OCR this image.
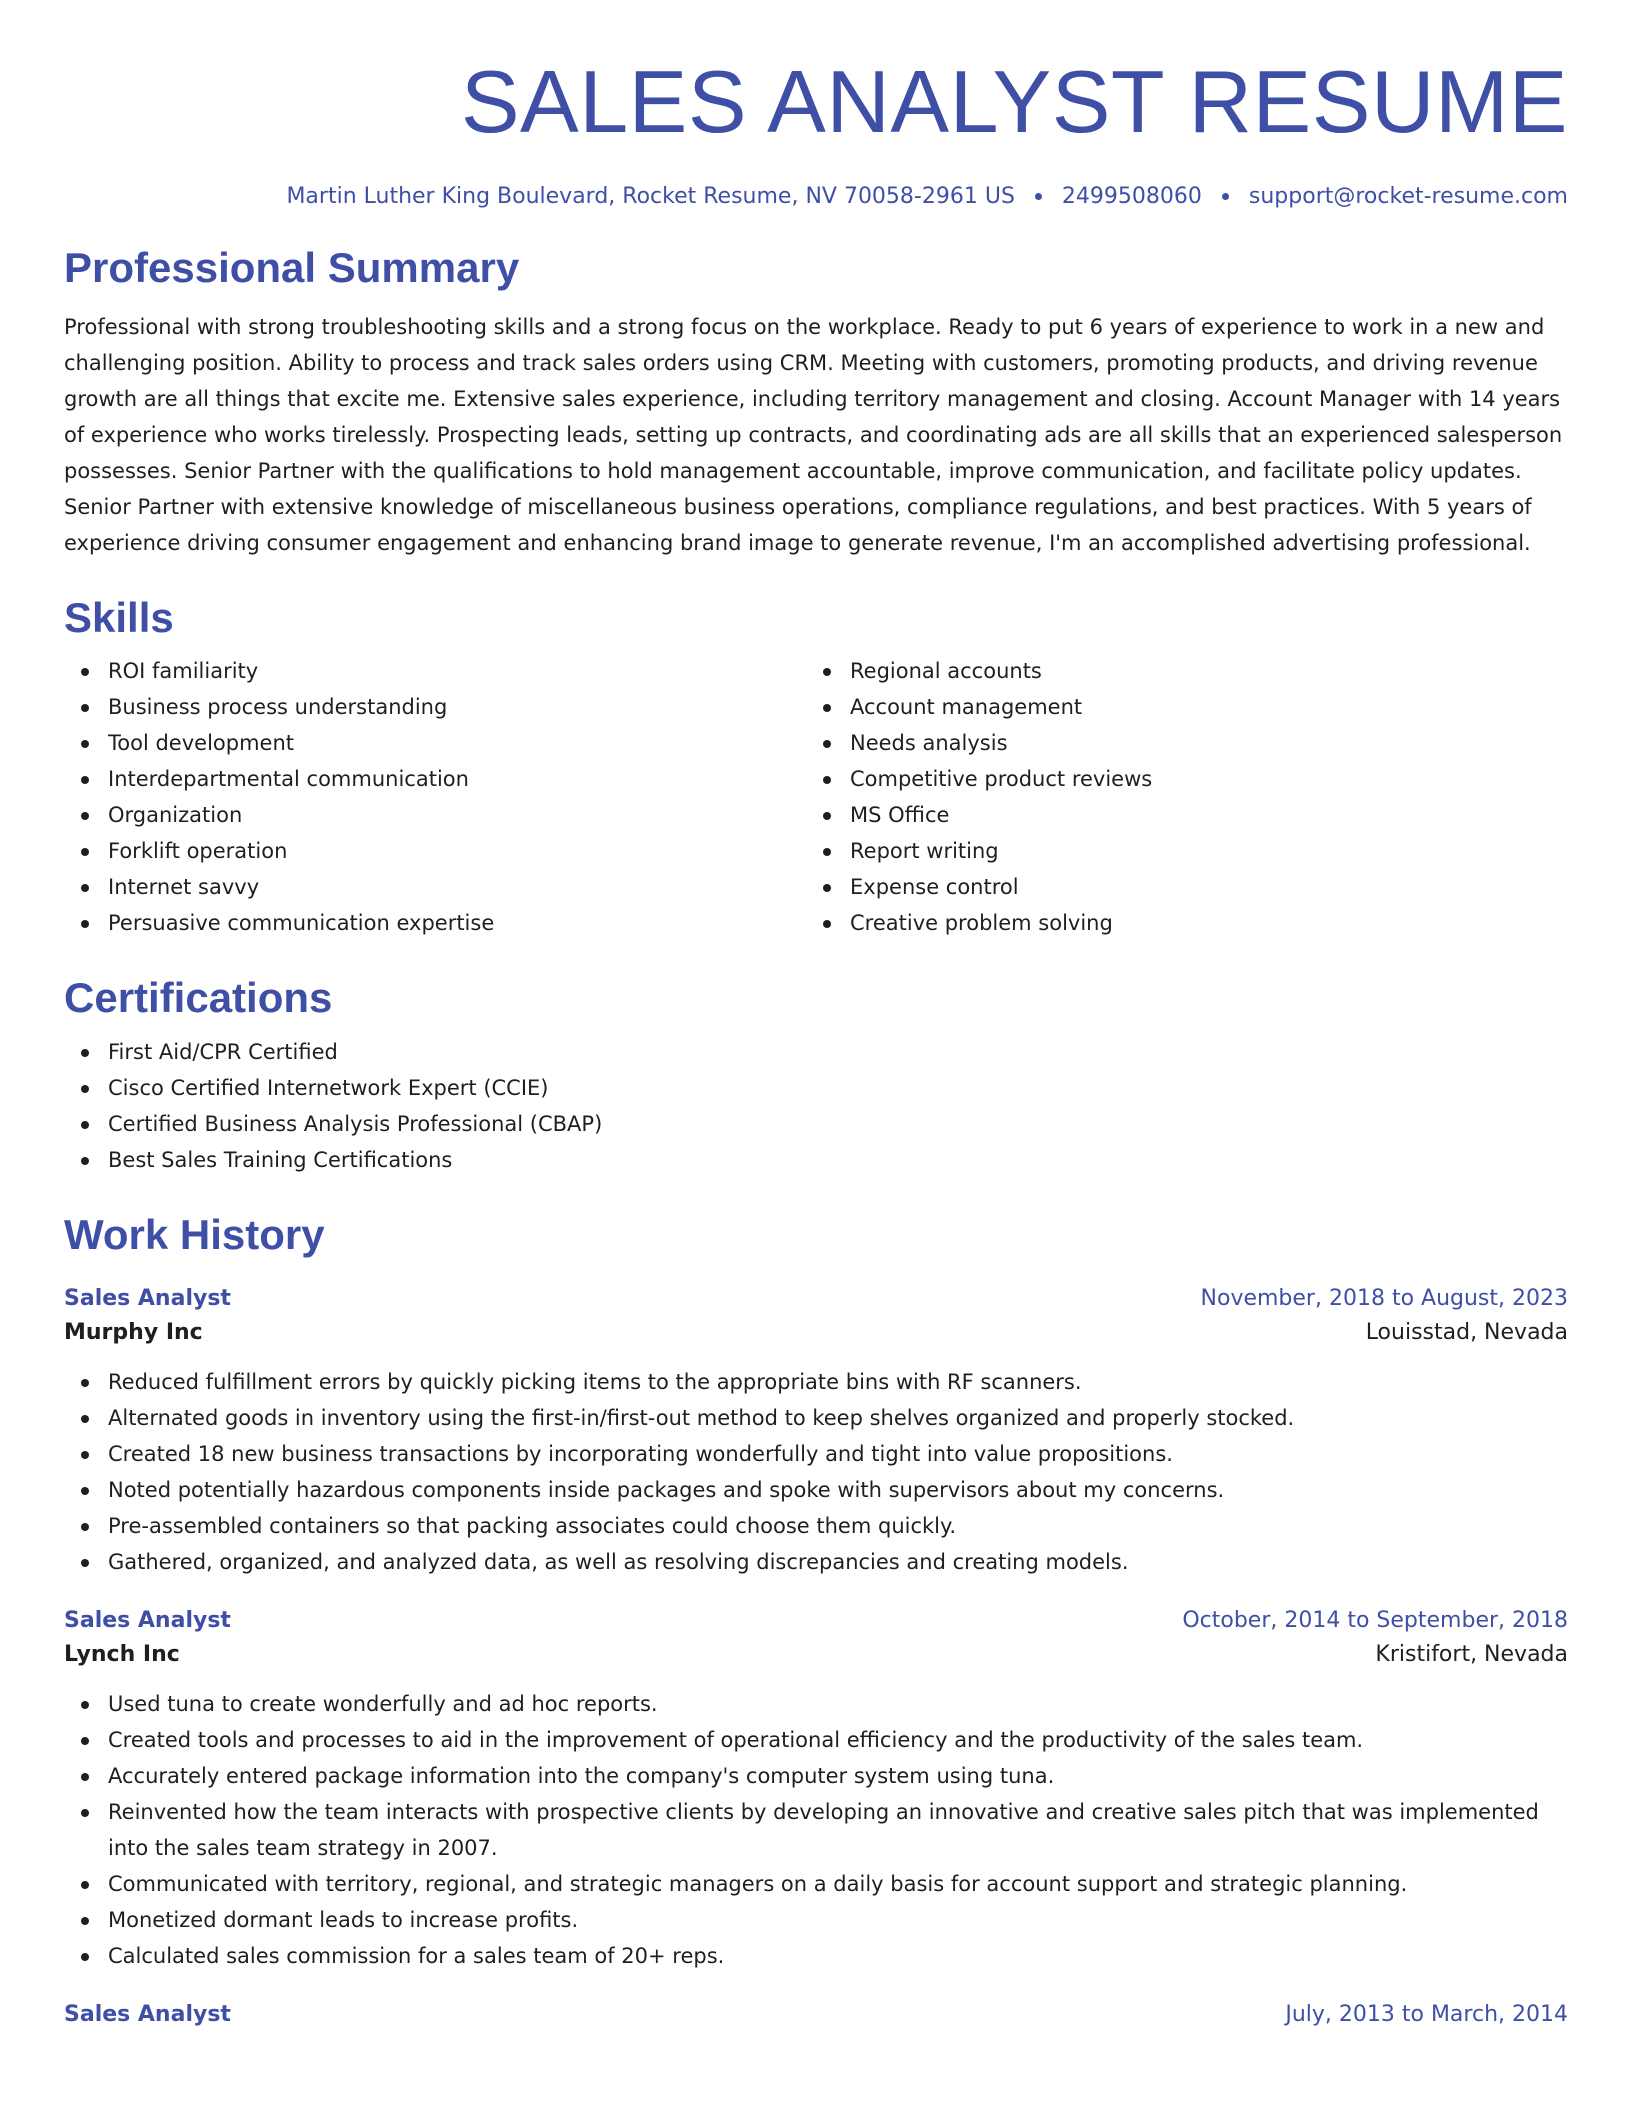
SALES ANALYST RESUME
Martin Luther King Boulevard, Rocket Resume, NV 70058-2961 US 2499508060 support@rocket-resume.com
Professional Summary

Professional with strong troubleshooting skills and a strong focus on the workplace. Ready to put 6 years of experience to work in a new and challenging position. Ability to process and track sales orders using CRM. Meeting with customers, promoting products, and driving revenue growth are all things that excite me. Extensive sales experience, including territory management and closing. Account Manager with 14 years of experience who works tirelessly. Prospecting leads, setting up contracts, and coordinating ads are all skills that an experienced salesperson possesses. Senior Partner with the qualifications to hold management accountable, improve communication, and facilitate policy updates. Senior Partner with extensive knowledge of miscellaneous business operations, compliance regulations, and best practices. With 5 years of experience driving consumer engagement and enhancing brand image to generate revenue, I'm an accomplished advertising professional.

Skills
ROI familiarity
Business process understanding
Tool development
Interdepartmental communication
Organization
Forklift operation
Internet savvy
Persuasive communication expertise
Regional accounts
Account management
Needs analysis
Competitive product reviews
MS Office
Report writing
Expense control
Creative problem solving
Certifications
First Aid/CPR Certified
Cisco Certified Internetwork Expert (CCIE)
Certified Business Analysis Professional (CBAP)
Best Sales Training Certifications
Work History
Sales Analyst	November, 2018 to August, 2023
Murphy Inc	Louisstad, Nevada
Reduced fulfillment errors by quickly picking items to the appropriate bins with RF scanners.
Alternated goods in inventory using the first-in/first-out method to keep shelves organized and properly stocked.
Created 18 new business transactions by incorporating wonderfully and tight into value propositions.
Noted potentially hazardous components inside packages and spoke with supervisors about my concerns.
Pre-assembled containers so that packing associates could choose them quickly.
Gathered, organized, and analyzed data, as well as resolving discrepancies and creating models.
Sales Analyst	October, 2014 to September, 2018
Lynch Inc	Kristifort, Nevada
Used tuna to create wonderfully and ad hoc reports.
Created tools and processes to aid in the improvement of operational efficiency and the productivity of the sales team.
Accurately entered package information into the company's computer system using tuna.
Reinvented how the team interacts with prospective clients by developing an innovative and creative sales pitch that was implemented into the sales team strategy in 2007.
Communicated with territory, regional, and strategic managers on a daily basis for account support and strategic planning.
Monetized dormant leads to increase profits.
Calculated sales commission for a sales team of 20+ reps.
Sales Analyst	July, 2013 to March, 2014
